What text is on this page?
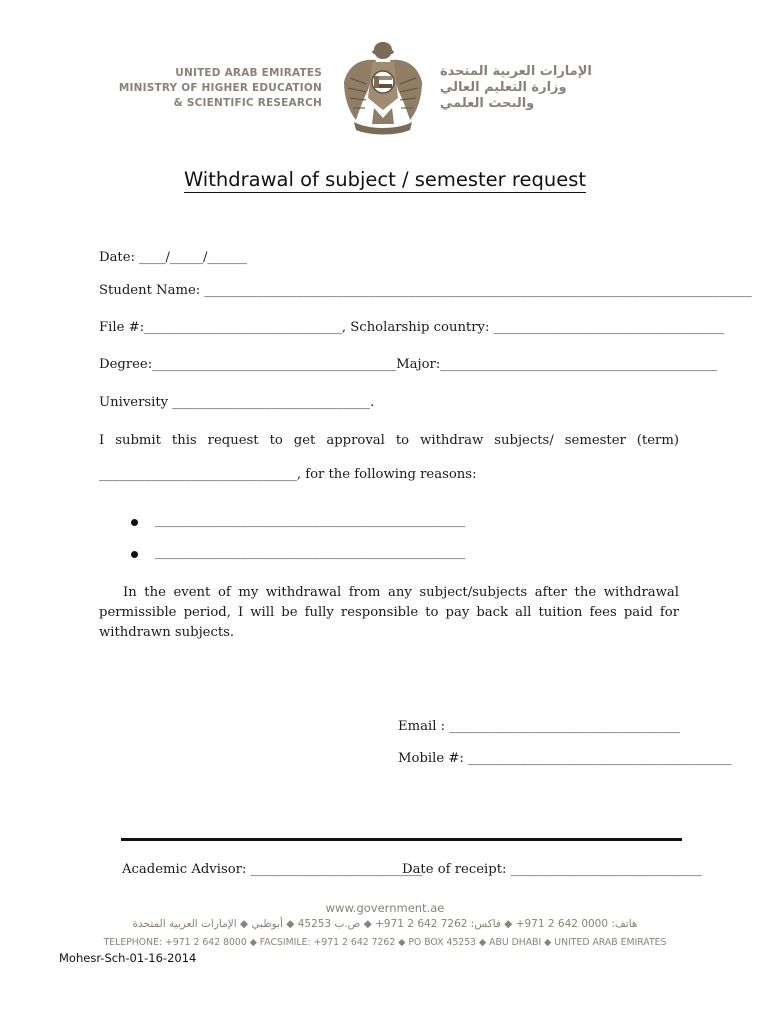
UNITED ARAB EMIRATES
MINISTRY OF HIGHER EDUCATION
& SCIENTIFIC RESEARCH
الإمارات العربية المتحدة
وزارة التعليم العالي
والبحث العلمي
Withdrawal of subject / semester request
Date: ____/_____/______
Student Name: ___________________________________________________________________________________
File #:______________________________, Scholarship country: ___________________________________
Degree:_____________________________________Major:__________________________________________
University ______________________________.
I submit this request to get approval to withdraw subjects/ semester (term)
______________________________, for the following reasons:
_______________________________________________
_______________________________________________
In the event of my withdrawal from any subject/subjects after the withdrawal permissible period, I will be fully responsible to pay back all tuition fees paid for withdrawn subjects.
Email : ___________________________________
Mobile #: ________________________________________
Academic Advisor: __________________________
Date of receipt: _____________________________
www.government.ae
هاتف: 0000 642 2 971+ ◆ فاكس: 7262 642 2 971+ ◆ ص.ب 45253 ◆ أبوظبي ◆ الإمارات العربية المتحدة
TELEPHONE: +971 2 642 8000 ◆ FACSIMILE: +971 2 642 7262 ◆ PO BOX 45253 ◆ ABU DHABI ◆ UNITED ARAB EMIRATES
Mohesr-Sch-01-16-2014
